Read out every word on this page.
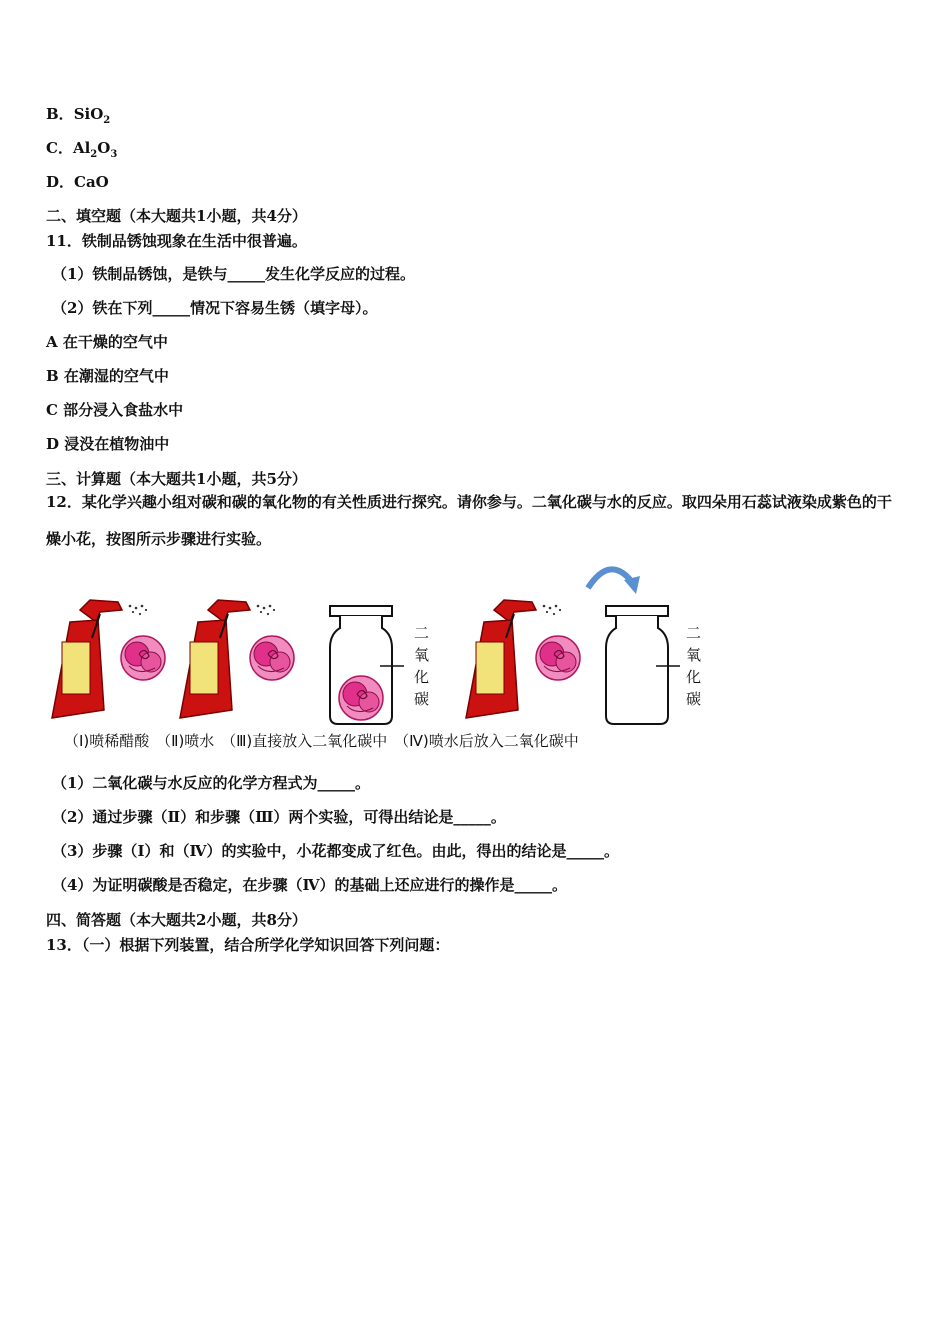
B．SiO$_2$
C．$Al_2O_3$
D．CaO
二、填空题（本大题共1小题，共4分）
11．铁制品锈蚀现象在生活中很普遍。
（1）铁制品锈蚀，是铁与_____发生化学反应的过程。
（2）铁在下列_____情况下容易生锈（填字母）。
A 在干燥的空气中
B 在潮湿的空气中
C 部分浸入食盐水中
D 浸没在植物油中
三、计算题（本大题共1小题，共5分）
12．某化学兴趣小组对碳和碳的氧化物的有关性质进行探究。请你参与。二氧化碳与水的反应。取四朵用石蕊试液染成紫色的干燥小花，按图所示步骤进行实验。
二
氧
化
碳
二
氧
化
碳
（Ⅰ)喷稀醋酸 （Ⅱ)喷水 （Ⅲ)直接放入二氧化碳中 （Ⅳ)喷水后放入二氧化碳中
（1）二氧化碳与水反应的化学方程式为_____。
（2）通过步骤（Ⅱ）和步骤（Ⅲ）两个实验，可得出结论是_____。
（3）步骤（Ⅰ）和（Ⅳ）的实验中，小花都变成了红色。由此，得出的结论是_____。
（4）为证明碳酸是否稳定，在步骤（Ⅳ）的基础上还应进行的操作是_____。
四、简答题（本大题共2小题，共8分）
13．（一）根据下列装置，结合所学化学知识回答下列问题：
